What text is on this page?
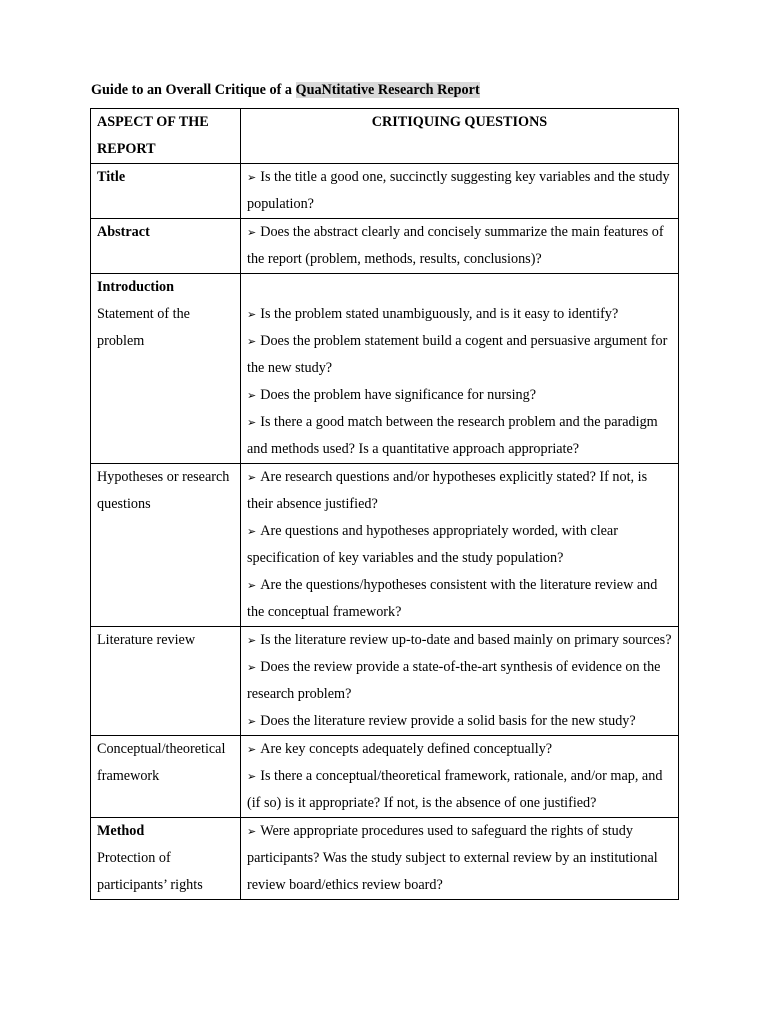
Guide to an Overall Critique of a QuaNtitative Research Report
ASPECT OF THE REPORT	CRITIQUING QUESTIONS

Title	➢ Is the title a good one, succinctly suggesting key variables and the study population?

Abstract	➢ Does the abstract clearly and concisely summarize the main features of the report (problem, methods, results, conclusions)?

Introduction
Statement of the problem	➢ Is the problem stated unambiguously, and is it easy to identify?
➢ Does the problem statement build a cogent and persuasive argument for the new study?
➢ Does the problem have significance for nursing?
➢ Is there a good match between the research problem and the paradigm and methods used? Is a quantitative approach appropriate?

Hypotheses or research questions	➢ Are research questions and/or hypotheses explicitly stated? If not, is their absence justified?
➢ Are questions and hypotheses appropriately worded, with clear specification of key variables and the study population?
➢ Are the questions/hypotheses consistent with the literature review and the conceptual framework?

Literature review	➢ Is the literature review up-to-date and based mainly on primary sources?
➢ Does the review provide a state-of-the-art synthesis of evidence on the research problem?
➢ Does the literature review provide a solid basis for the new study?

Conceptual/theoretical framework	➢ Are key concepts adequately defined conceptually?
➢ Is there a conceptual/theoretical framework, rationale, and/or map, and (if so) is it appropriate? If not, is the absence of one justified?

Method
Protection of participants’ rights	➢ Were appropriate procedures used to safeguard the rights of study participants? Was the study subject to external review by an institutional review board/ethics review board?
